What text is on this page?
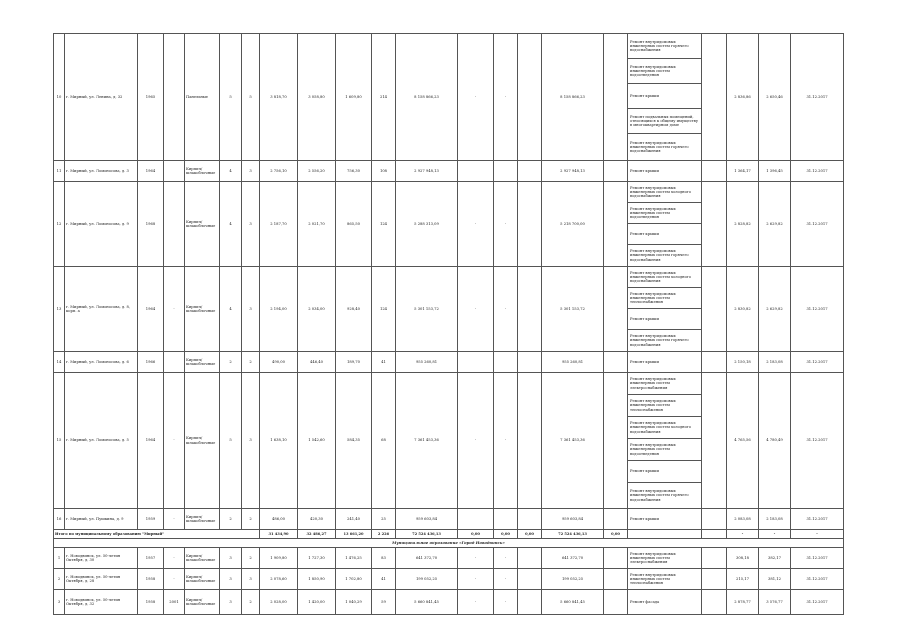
10	г. Мирный, ул. Ленина, д. 32	1965		Панельные	5	5	3 818,70	3 058,80	1 609,80	214	8 158 866,23	-	-		8 158 866,23		Ремонт внутридомовых инженерных систем горячего водоснабжения		2 836,86	2 650,46	31.12.2017
																	Ремонт внутридомовых инженерных систем водоотведения				
																	Ремонт крыши				
																	Ремонт подвальных помещений, относящихся к общему имуществу в многоквартирном доме				
																	Ремонт внутридомовых инженерных систем горячего водоснабжения				
11	г. Мирный, ул. Ломоносова, д. 3	1964		Кирпич/ шлакоблочные	4	3	2 756,10	2 556,20	756,30	108	2 927 948,13				2 927 948,13		Ремонт крыши		1 364,17	1 396,45	31.12.2017
12	г. Мирный, ул. Ломоносова, д. 9	1968		Кирпич/ шлакоблочные	4	3	2 187,70	2 021,70	865,50	124	5 288 313,09	-	-		5 218 700,00		Ремонт внутридомовых инженерных систем холодного водоснабжения		2 828,82	2 629,82	31.12.2017
																	Ремонт внутридомовых инженерных систем водоотведения				
																	Ремонт крыши				
																	Ремонт внутридомовых инженерных систем горячего водоснабжения				
13	г. Мирный, ул. Ломоносова, д. 8, корп. а	1964	-	Кирпич/ шлакоблочные	4	3	2 194,00	2 034,00	928,40	124	5 301 153,72	-	-		5 301 153,72		Ремонт внутридомовых инженерных систем холодного водоснабжения		2 830,82	2 629,82	31.12.2017
																	Ремонт внутридомовых инженерных систем теплоснабжения				
																	Ремонт крыши				
																	Ремонт внутридомовых инженерных систем горячего водоснабжения				
14	г. Мирный, ул. Ломоносова, д. 6	1966		Кирпич/ шлакоблочные	2	2	490,00	446,40	189,70	41	955 260,81				955 260,81		Ремонт крыши		2 150,18	2 183,08	31.12.2017
15	г. Мирный, ул. Ломоносова, д. 5	1964	-	Кирпич/ шлакоблочные	5	3	1 638,10	1 542,60	584,35	68	7 361 453,36	-	-		7 361 453,36		Ремонт внутридомовых инженерных систем электроснабжения		4 765,56	4 780,49	31.12.2017
																	Ремонт внутридомовых инженерных систем теплоснабжения				
																	Ремонт внутридомовых инженерных систем холодного водоснабжения				
																	Ремонт внутридомовых инженерных систем водоотведения				
																	Ремонт крыши				
																	Ремонт внутридомовых инженерных систем горячего водоснабжения				
16	г. Мирный, ул. Пушкина, д. 9	1959	-	Кирпич/ шлакоблочные	2	2	486,00	420,30	241,40	25	959 603,84				959 603,84		Ремонт крыши		2 083,08	2 183,08	31.12.2017
Итого по муниципальному образованию "Мирный"							31 434,90	32 486,27	13 661,20	2 226	72 524 436,13	0,00	0,00	0,00	72 524 436,13	0,00			-	-	-
Муниципальное образование «Город Новодвинск»																					
1	г. Новодвинск, ул. 50-летия Октября, д. 30	1957	-	Кирпич/ шлакоблочные	3	2	1 909,80	1 727,30	1 476,25	83	641 372,70	-	-		641 372,70		Ремонт внутридомовых инженерных систем электроснабжения		308,18	382,17	31.12.2017
2	г. Новодвинск, ул. 50-летия Октября, д. 28	1958	-	Кирпич/ шлакоблочные	3	3	2 078,60	1 850,90	1 702,80	41	199 052,25	-	-		199 052,25		Ремонт внутридомовых инженерных систем теплоснабжения		215,17	381,12	31.12.2017
3	г. Новодвинск, ул. 50-летия Октября, д. 32	1958	2001	Кирпич/ шлакоблочные	3	2	2 028,00	1 420,00	1 040,29	59	5 660 841,45	-	-		5 660 841,45		Ремонт фасада		2 878,77	3 576,77	31.12.2017
